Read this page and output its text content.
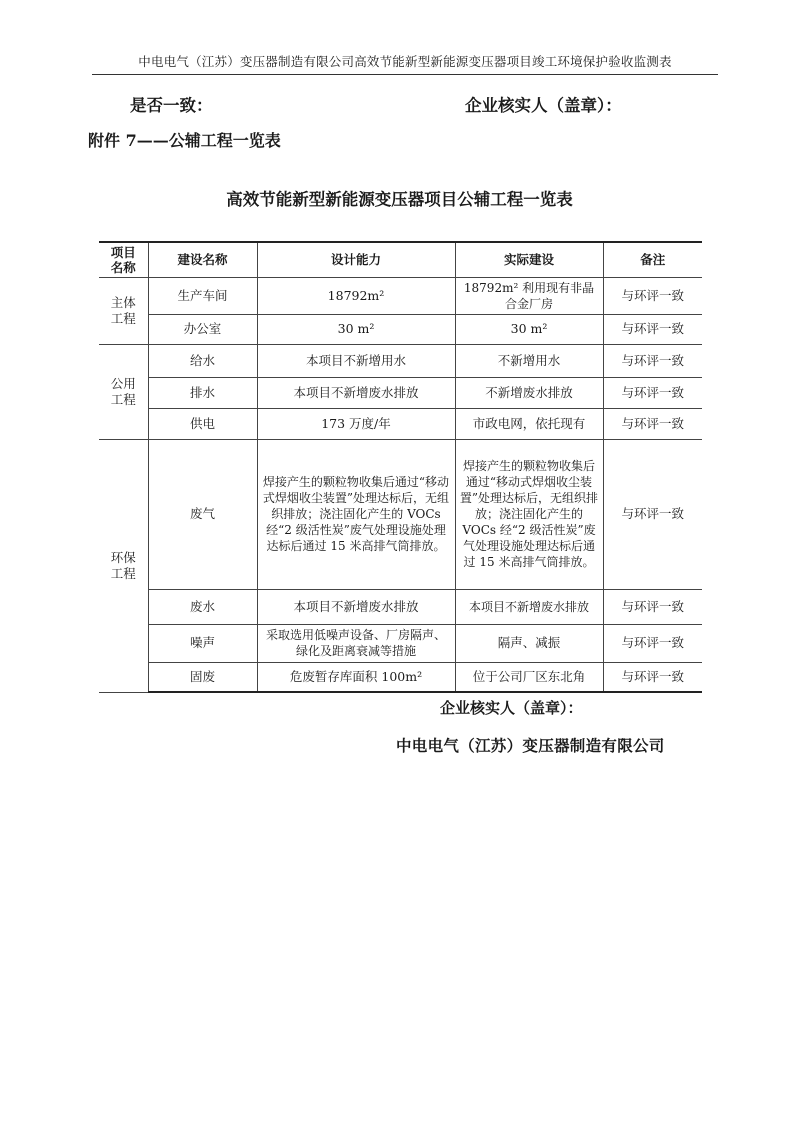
中电电气（江苏）变压器制造有限公司高效节能新型新能源变压器项目竣工环境保护验收监测表
是否一致：	企业核实人（盖章）：
附件 7——公辅工程一览表
高效节能新型新能源变压器项目公辅工程一览表
项目
名称	建设名称	设计能力	实际建设	备注

主体
工程	生产车间	18792m²	18792m² 利用现有非晶合金厂房	与环评一致
	办公室	30 m²	30 m²	与环评一致

公用
工程	给水	本项目不新增用水	不新增用水	与环评一致
	排水	本项目不新增废水排放	不新增废水排放	与环评一致
	供电	173 万度/年	市政电网，依托现有	与环评一致

环保
工程	废气	焊接产生的颗粒物收集后通过“移动式焊烟收尘装置”处理达标后，无组织排放；浇注固化产生的 VOCs 经“2 级活性炭”废气处理设施处理达标后通过 15 米高排气筒排放。	焊接产生的颗粒物收集后通过“移动式焊烟收尘装置”处理达标后，无组织排放；浇注固化产生的 VOCs 经“2 级活性炭”废气处理设施处理达标后通过 15 米高排气筒排放。	与环评一致
	废水	本项目不新增废水排放	本项目不新增废水排放	与环评一致
	噪声	采取选用低噪声设备、厂房隔声、绿化及距离衰减等措施	隔声、减振	与环评一致
	固废	危废暂存库面积 100m²	位于公司厂区东北角	与环评一致
企业核实人（盖章）：
中电电气（江苏）变压器制造有限公司
